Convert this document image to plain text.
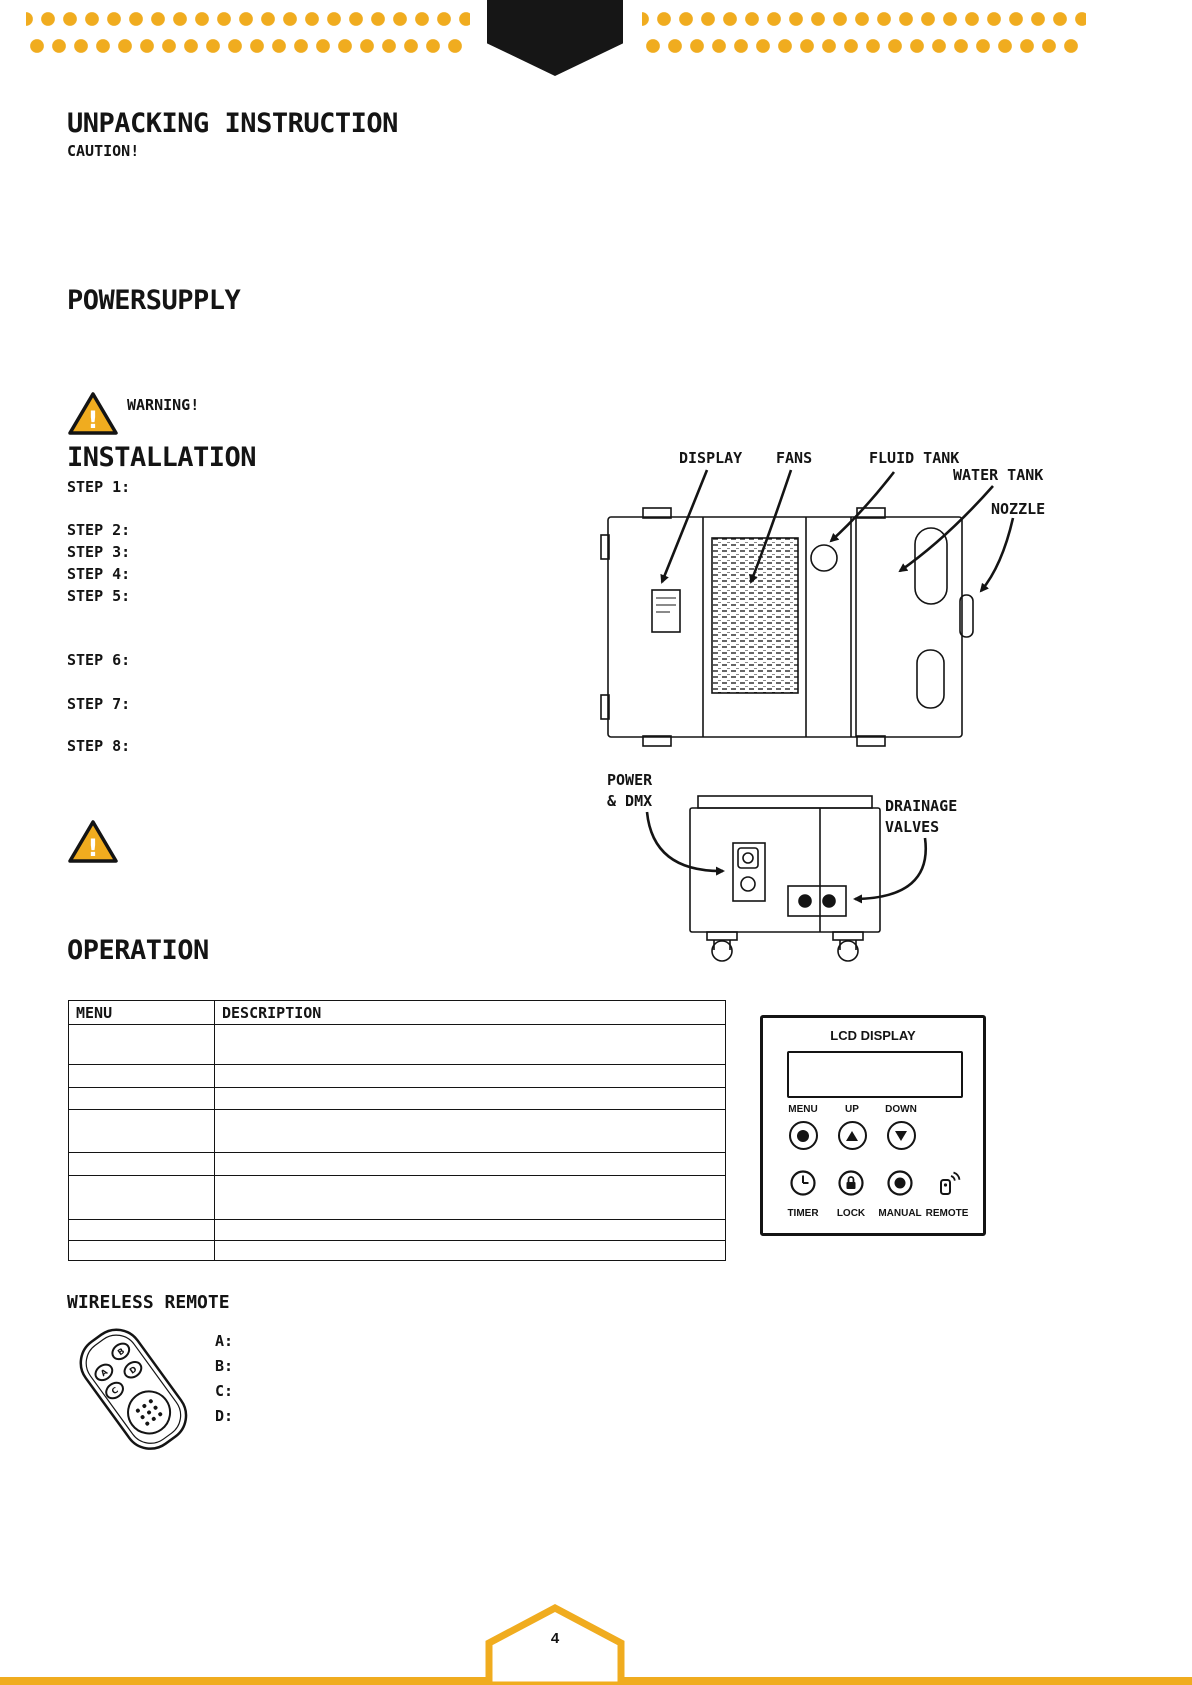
UNPACKING INSTRUCTION
CAUTION!
POWERSUPPLY
!
WARNING!
INSTALLATION
STEP 1:
STEP 2:
STEP 3:
STEP 4:
STEP 5:
STEP 6:
STEP 7:
STEP 8:
DISPLAY FANS	FLUID TANK
WATER TANK
NOZZLE
POWER
& DMX	DRAINAGE
VALVES
!
OPERATION
MENU	DESCRIPTION

LCD DISPLAY
MENU	UP	DOWN
TIMER	LOCK	MANUAL REMOTE
WIRELESS REMOTE
A
B
C
D
A:
B:
C:
D:
4
